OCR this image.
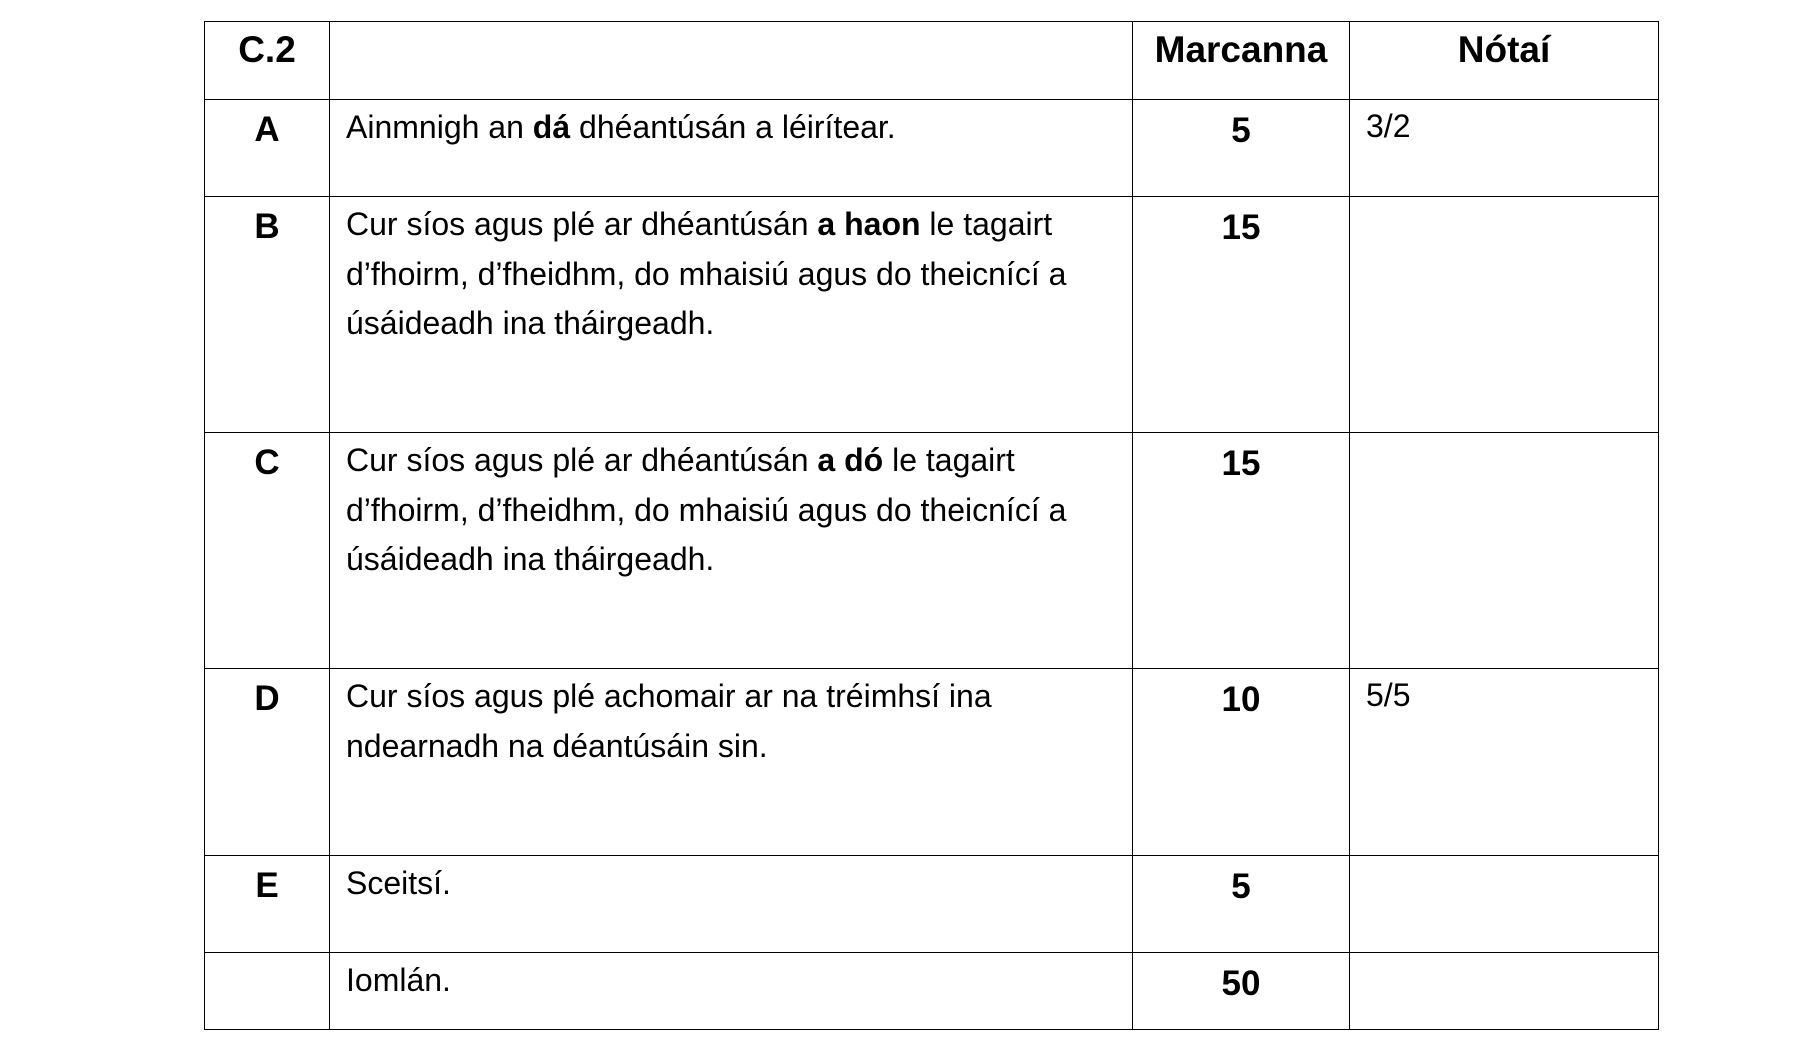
C.2		Marcanna	Nótaí
A	Ainmnigh an dá dhéantúsán a léirítear.	5	3/2
B	Cur síos agus plé ar dhéantúsán a haon le tagairt d’fhoirm, d’fheidhm, do mhaisiú agus do theicnící a úsáideadh ina tháirgeadh.	15	
C	Cur síos agus plé ar dhéantúsán a dó le tagairt d’fhoirm, d’fheidhm, do mhaisiú agus do theicnící a úsáideadh ina tháirgeadh.	15	
D	Cur síos agus plé achomair ar na tréimhsí ina ndearnadh na déantúsáin sin.	10	5/5
E	Sceitsí.	5	
	Iomlán.	50	
